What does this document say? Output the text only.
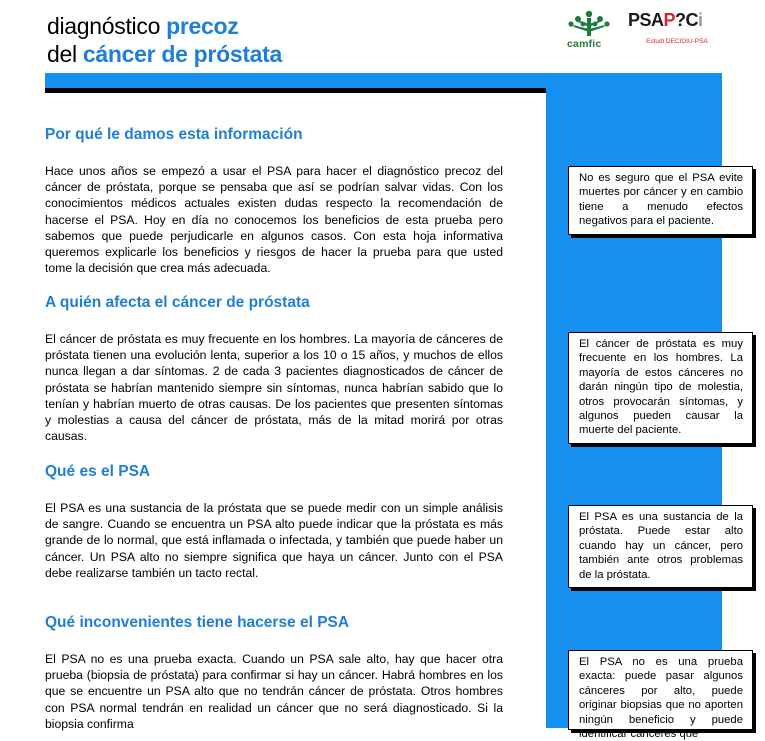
diagnóstico precoz
del cáncer de próstata	camfic
PSAP?Ci
Estudi DECIDIU-PSA
Por qué le damos esta información
Hace unos años se empezó a usar el PSA para hacer el diagnóstico precoz del cáncer de próstata, porque se pensaba que así se podrían salvar vidas. Con los conocimientos médicos actuales existen dudas respecto la recomendación de hacerse el PSA. Hoy en día no conocemos los beneficios de esta prueba pero sabemos que puede perjudicarle en algunos casos. Con esta hoja informativa queremos explicarle los beneficios y riesgos de hacer la prueba para que usted tome la decisión que crea más adecuada.
A quién afecta el cáncer de próstata
El cáncer de próstata es muy frecuente en los hombres. La mayoría de cánceres de próstata tienen una evolución lenta, superior a los 10 o 15 años, y muchos de ellos nunca llegan a dar síntomas. 2 de cada 3 pacientes diagnosticados de cáncer de próstata se habrían mantenido siempre sin síntomas, nunca habrían sabido que lo tenían y habrían muerto de otras causas. De los pacientes que presenten síntomas y molestias a causa del cáncer de próstata, más de la mitad morirá por otras causas.
Qué es el PSA
El PSA es una sustancia de la próstata que se puede medir con un simple análisis de sangre. Cuando se encuentra un PSA alto puede indicar que la próstata es más grande de lo normal, que está inflamada o infectada, y también que puede haber un cáncer. Un PSA alto no siempre significa que haya un cáncer. Junto con el PSA debe realizarse también un tacto rectal.
Qué inconvenientes tiene hacerse el PSA
El PSA no es una prueba exacta. Cuando un PSA sale alto, hay que hacer otra prueba (biopsia de próstata) para confirmar si hay un cáncer. Habrá hombres en los que se encuentre un PSA alto que no tendrán cáncer de próstata. Otros hombres con PSA normal tendrán en realidad un cáncer que no será diagnosticado. Si la biopsia confirma
No es seguro que el PSA evite muertes por cáncer y en cambio tiene a menudo efectos negativos para el paciente.
El cáncer de próstata es muy frecuente en los hombres. La mayoría de estos cánceres no darán ningún tipo de molestia, otros provocarán síntomas, y algunos pueden causar la muerte del paciente.
El PSA es una sustancia de la próstata. Puede estar alto cuando hay un cáncer, pero también ante otros problemas de la próstata.
El PSA no es una prueba exacta: puede pasar algunos cánceres por alto, puede originar biopsias que no aporten ningún beneficio y puede identificar cánceres que
